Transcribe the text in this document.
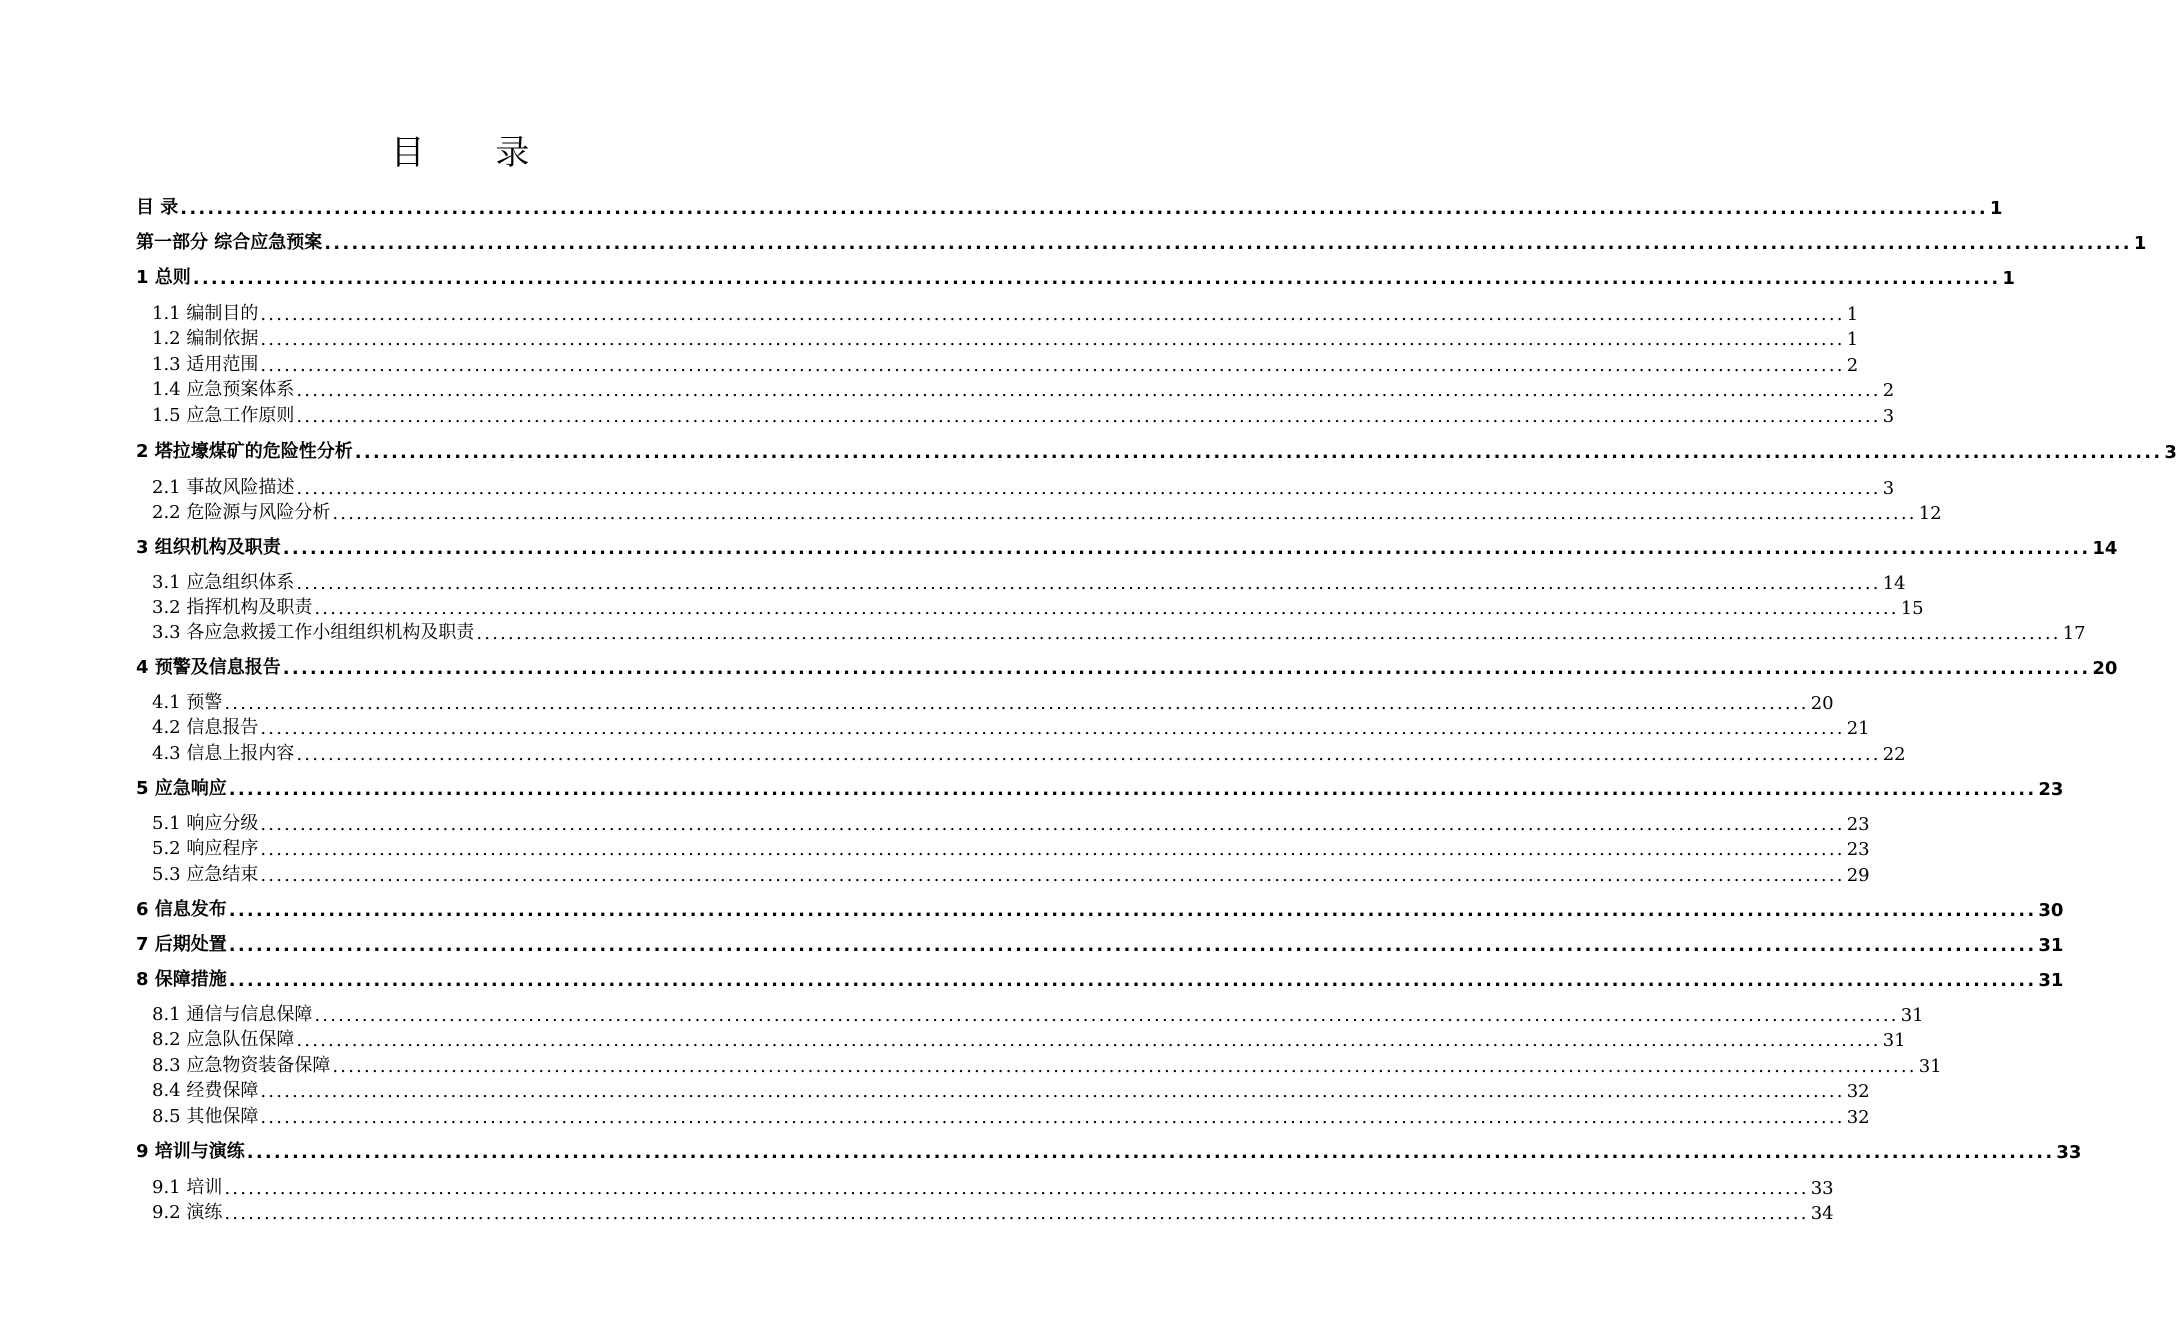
目 录
目 录 ........................................................................................................................................................................................................ 1
第一部分 综合应急预案 ........................................................................................................................................................................................................ 1
1 总则 ........................................................................................................................................................................................................ 1
1.1 编制目的 ........................................................................................................................................................................................................ 1
1.2 编制依据 ........................................................................................................................................................................................................ 1
1.3 适用范围 ........................................................................................................................................................................................................ 2
1.4 应急预案体系 ........................................................................................................................................................................................................ 2
1.5 应急工作原则 ........................................................................................................................................................................................................ 3
2 塔拉壕煤矿的危险性分析 ........................................................................................................................................................................................................ 3
2.1 事故风险描述 ........................................................................................................................................................................................................ 3
2.2 危险源与风险分析 ........................................................................................................................................................................................................ 12
3 组织机构及职责 ........................................................................................................................................................................................................ 14
3.1 应急组织体系 ........................................................................................................................................................................................................ 14
3.2 指挥机构及职责 ........................................................................................................................................................................................................ 15
3.3 各应急救援工作小组组织机构及职责 ........................................................................................................................................................................................................ 17
4 预警及信息报告 ........................................................................................................................................................................................................ 20
4.1 预警 ........................................................................................................................................................................................................ 20
4.2 信息报告 ........................................................................................................................................................................................................ 21
4.3 信息上报内容 ........................................................................................................................................................................................................ 22
5 应急响应 ........................................................................................................................................................................................................ 23
5.1 响应分级 ........................................................................................................................................................................................................ 23
5.2 响应程序 ........................................................................................................................................................................................................ 23
5.3 应急结束 ........................................................................................................................................................................................................ 29
6 信息发布 ........................................................................................................................................................................................................ 30
7 后期处置 ........................................................................................................................................................................................................ 31
8 保障措施 ........................................................................................................................................................................................................ 31
8.1 通信与信息保障 ........................................................................................................................................................................................................ 31
8.2 应急队伍保障 ........................................................................................................................................................................................................ 31
8.3 应急物资装备保障 ........................................................................................................................................................................................................ 31
8.4 经费保障 ........................................................................................................................................................................................................ 32
8.5 其他保障 ........................................................................................................................................................................................................ 32
9 培训与演练 ........................................................................................................................................................................................................ 33
9.1 培训 ........................................................................................................................................................................................................ 33
9.2 演练 ........................................................................................................................................................................................................ 34
